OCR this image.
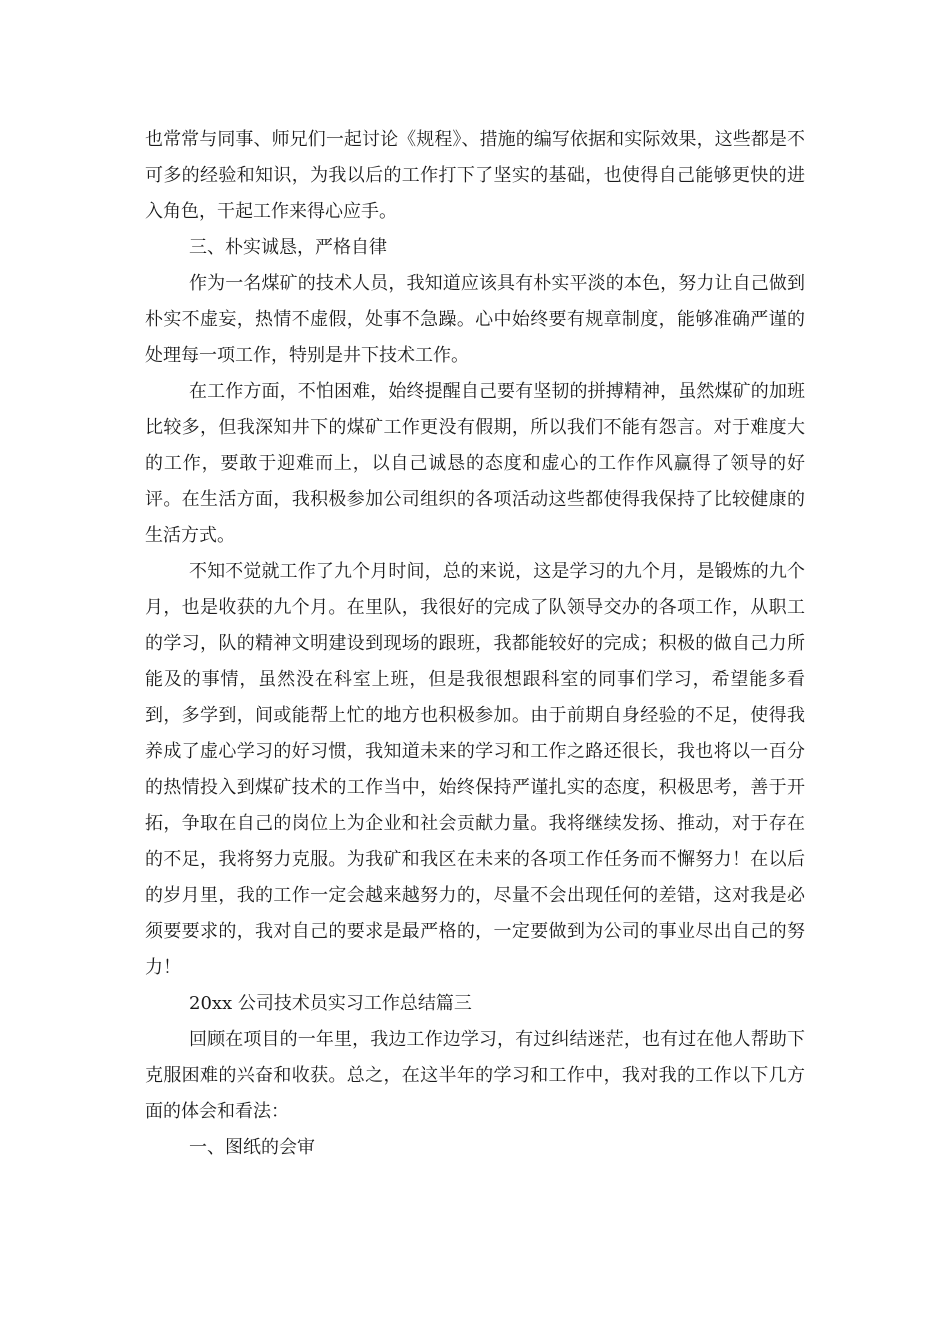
也常常与同事、师兄们一起讨论《规程》、措施的编写依据和实际效果，这些都是不可多的经验和知识，为我以后的工作打下了坚实的基础，也使得自己能够更快的进入角色，干起工作来得心应手。

三、朴实诚恳，严格自律

作为一名煤矿的技术人员，我知道应该具有朴实平淡的本色，努力让自己做到朴实不虚妄，热情不虚假，处事不急躁。心中始终要有规章制度，能够准确严谨的处理每一项工作，特别是井下技术工作。

在工作方面，不怕困难，始终提醒自己要有坚韧的拼搏精神，虽然煤矿的加班比较多，但我深知井下的煤矿工作更没有假期，所以我们不能有怨言。对于难度大的工作，要敢于迎难而上，以自己诚恳的态度和虚心的工作作风赢得了领导的好评。在生活方面，我积极参加公司组织的各项活动这些都使得我保持了比较健康的生活方式。

不知不觉就工作了九个月时间，总的来说，这是学习的九个月，是锻炼的九个月，也是收获的九个月。在里队，我很好的完成了队领导交办的各项工作，从职工的学习，队的精神文明建设到现场的跟班，我都能较好的完成；积极的做自己力所能及的事情，虽然没在科室上班，但是我很想跟科室的同事们学习，希望能多看到，多学到，间或能帮上忙的地方也积极参加。由于前期自身经验的不足，使得我养成了虚心学习的好习惯，我知道未来的学习和工作之路还很长，我也将以一百分的热情投入到煤矿技术的工作当中，始终保持严谨扎实的态度，积极思考，善于开拓，争取在自己的岗位上为企业和社会贡献力量。我将继续发扬、推动，对于存在的不足，我将努力克服。为我矿和我区在未来的各项工作任务而不懈努力！在以后的岁月里，我的工作一定会越来越努力的，尽量不会出现任何的差错，这对我是必须要要求的，我对自己的要求是最严格的，一定要做到为公司的事业尽出自己的努力！

20xx 公司技术员实习工作总结篇三

回顾在项目的一年里，我边工作边学习，有过纠结迷茫，也有过在他人帮助下克服困难的兴奋和收获。总之，在这半年的学习和工作中，我对我的工作以下几方面的体会和看法：

一、图纸的会审
